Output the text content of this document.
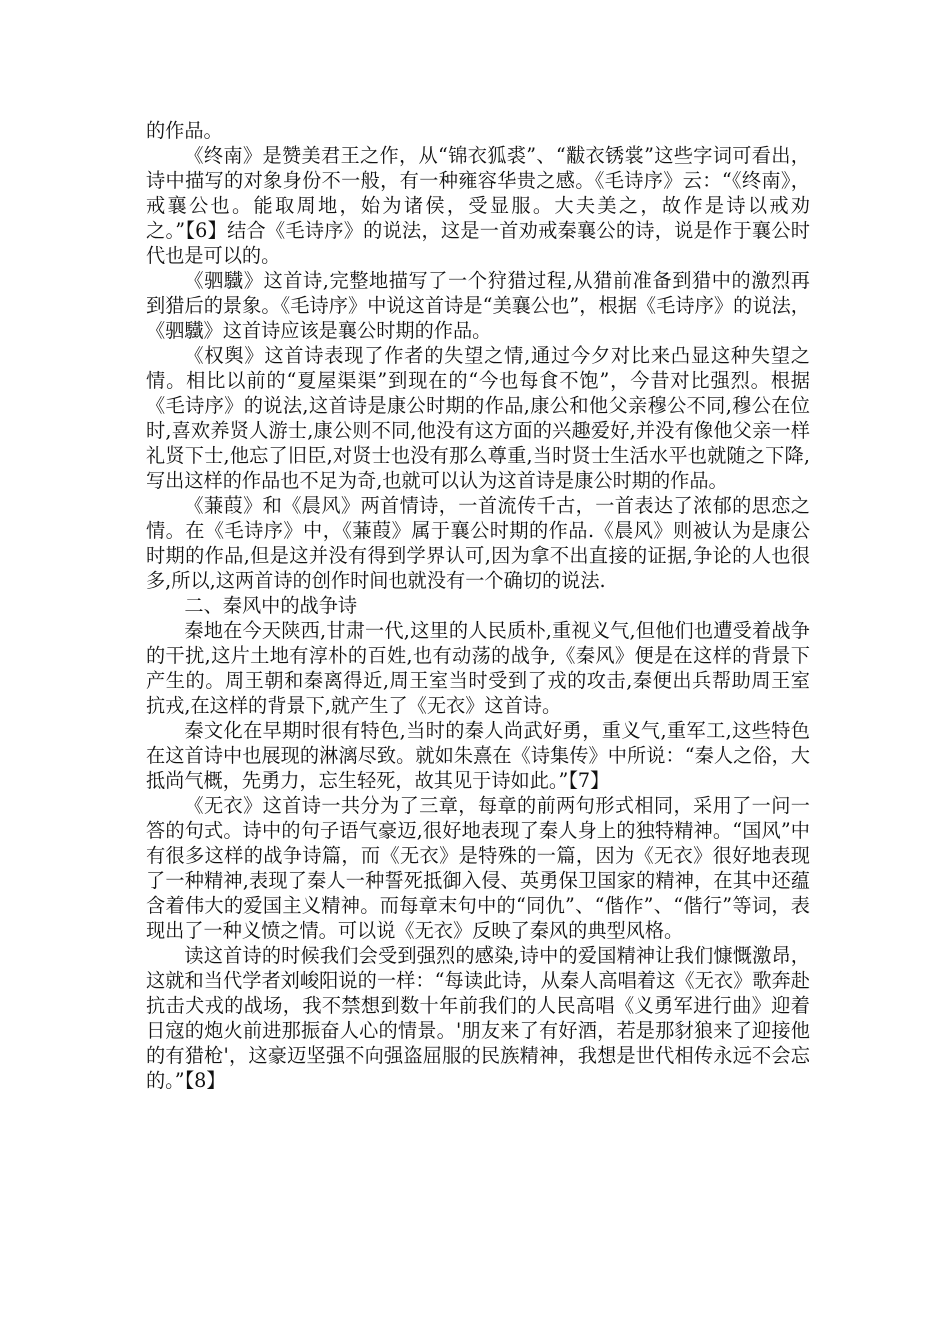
的作品。

《终南》是赞美君王之作，从“锦衣狐裘”、“黻衣锈裳”这些字词可看出，诗中描写的对象身份不一般，有一种雍容华贵之感。《毛诗序》云：“《终南》，戒襄公也。能取周地，始为诸侯，受显服。大夫美之，故作是诗以戒劝之。”【6】结合《毛诗序》的说法，这是一首劝戒秦襄公的诗，说是作于襄公时代也是可以的。

《驷驖》这首诗,完整地描写了一个狩猎过程,从猎前准备到猎中的激烈再到猎后的景象。《毛诗序》中说这首诗是“美襄公也”，根据《毛诗序》的说法，《驷驖》这首诗应该是襄公时期的作品。

《权舆》这首诗表现了作者的失望之情,通过今夕对比来凸显这种失望之情。相比以前的“夏屋渠渠”到现在的“今也每食不饱”，今昔对比强烈。根据《毛诗序》的说法,这首诗是康公时期的作品,康公和他父亲穆公不同,穆公在位时,喜欢养贤人游士,康公则不同,他没有这方面的兴趣爱好,并没有像他父亲一样礼贤下士,他忘了旧臣,对贤士也没有那么尊重,当时贤士生活水平也就随之下降,写出这样的作品也不足为奇,也就可以认为这首诗是康公时期的作品。

《蒹葭》和《晨风》两首情诗，一首流传千古，一首表达了浓郁的思恋之情。在《毛诗序》中，《蒹葭》属于襄公时期的作品.《晨风》则被认为是康公时期的作品,但是这并没有得到学界认可,因为拿不出直接的证据,争论的人也很多,所以,这两首诗的创作时间也就没有一个确切的说法.

二、秦风中的战争诗

秦地在今天陕西,甘肃一代,这里的人民质朴,重视义气,但他们也遭受着战争的干扰,这片土地有淳朴的百姓,也有动荡的战争,《秦风》便是在这样的背景下产生的。周王朝和秦离得近,周王室当时受到了戎的攻击,秦便出兵帮助周王室抗戎,在这样的背景下,就产生了《无衣》这首诗。

秦文化在早期时很有特色,当时的秦人尚武好勇，重义气,重军工,这些特色在这首诗中也展现的淋漓尽致。就如朱熹在《诗集传》中所说：“秦人之俗，大抵尚气概，先勇力，忘生轻死，故其见于诗如此。”【7】

《无衣》这首诗一共分为了三章，每章的前两句形式相同，采用了一问一答的句式。诗中的句子语气豪迈,很好地表现了秦人身上的独特精神。“国风”中有很多这样的战争诗篇，而《无衣》是特殊的一篇，因为《无衣》很好地表现了一种精神,表现了秦人一种誓死抵御入侵、英勇保卫国家的精神，在其中还蕴含着伟大的爱国主义精神。而每章末句中的“同仇”、“偕作”、“偕行”等词，表现出了一种义愤之情。可以说《无衣》反映了秦风的典型风格。

读这首诗的时候我们会受到强烈的感染,诗中的爱国精神让我们慷慨激昂，这就和当代学者刘峻阳说的一样：“每读此诗，从秦人高唱着这《无衣》歌奔赴抗击犬戎的战场，我不禁想到数十年前我们的人民高唱《义勇军进行曲》迎着日寇的炮火前进那振奋人心的情景。'朋友来了有好酒，若是那豺狼来了迎接他的有猎枪'，这豪迈坚强不向强盗屈服的民族精神，我想是世代相传永远不会忘的。”【8】
